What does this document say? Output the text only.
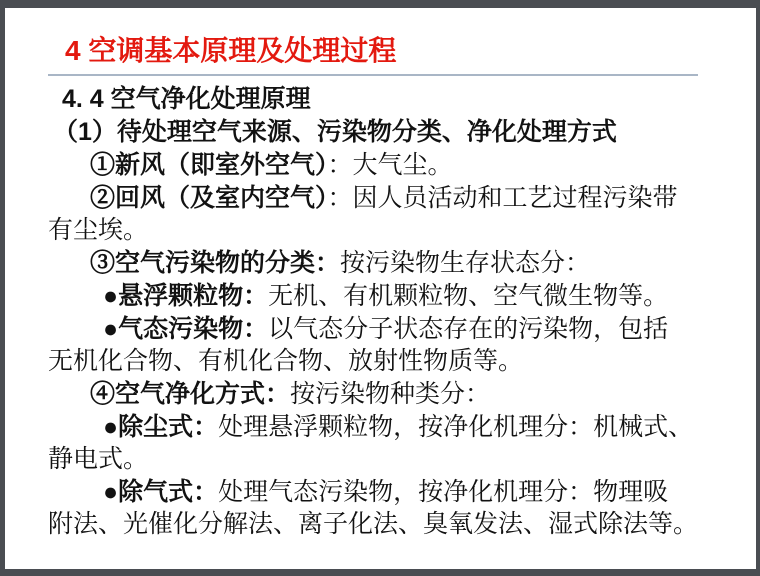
4 空调基本原理及处理过程
4. 4 空气净化处理原理
（1）待处理空气来源、污染物分类、净化处理方式
①新风（即室外空气）：大气尘。
②回风（及室内空气）：因人员活动和工艺过程污染带
有尘埃。
③空气污染物的分类：按污染物生存状态分：
●悬浮颗粒物：无机、有机颗粒物、空气微生物等。
●气态污染物：以气态分子状态存在的污染物，包括
无机化合物、有机化合物、放射性物质等。
④空气净化方式：按污染物种类分：
●除尘式：处理悬浮颗粒物，按净化机理分：机械式、
静电式。
●除气式：处理气态污染物，按净化机理分：物理吸
附法、光催化分解法、离子化法、臭氧发法、湿式除法等。
